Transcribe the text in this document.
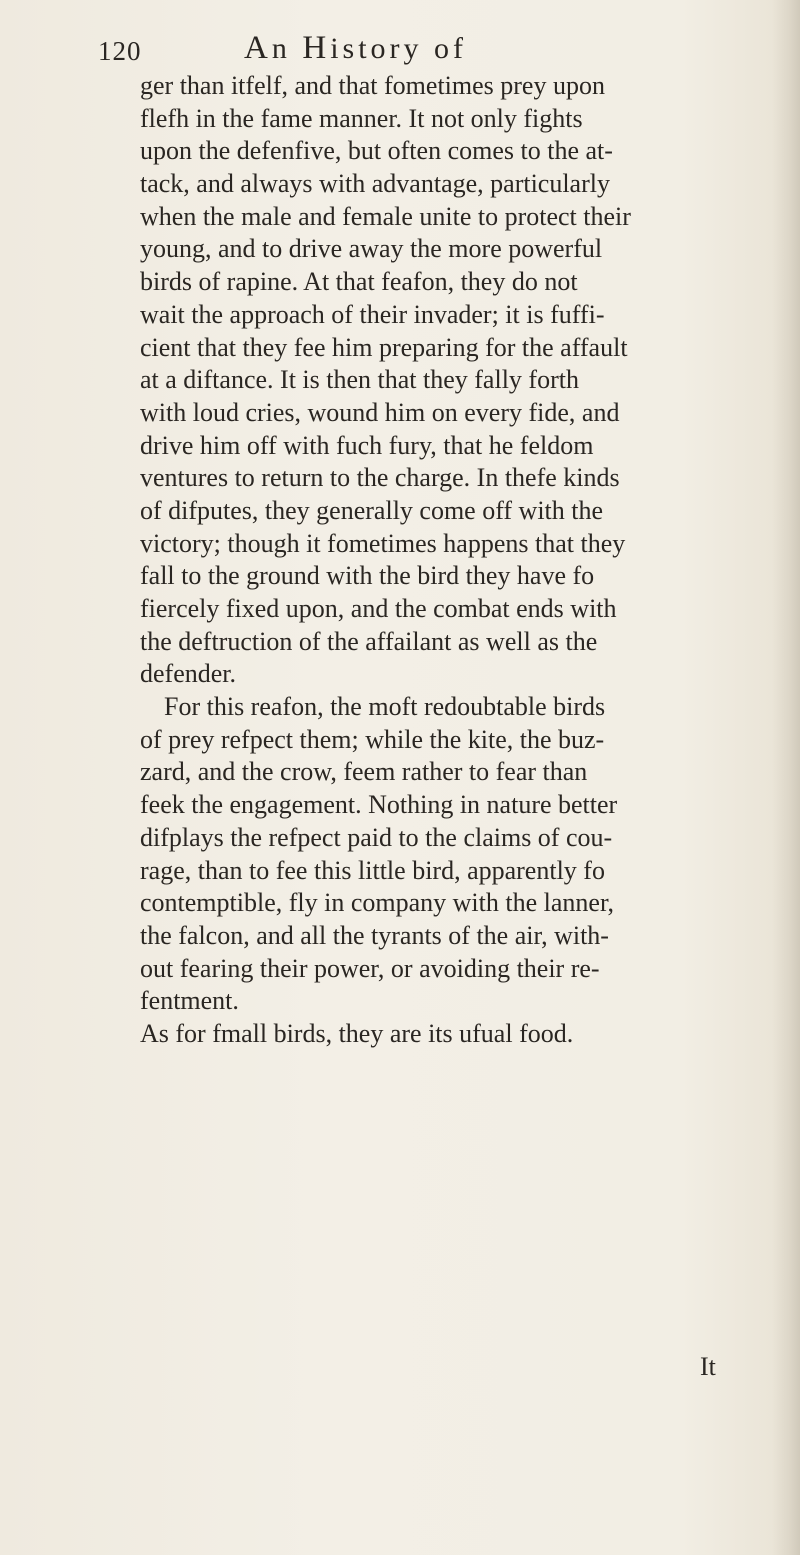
120	An History of
ger than itfelf, and that fometimes prey upon
flefh in the fame manner. It not only fights
upon the defenfive, but often comes to the at-
tack, and always with advantage, particularly
when the male and female unite to protect their
young, and to drive away the more powerful
birds of rapine. At that feafon, they do not
wait the approach of their invader; it is fuffi-
cient that they fee him preparing for the affault
at a diftance. It is then that they fally forth
with loud cries, wound him on every fide, and
drive him off with fuch fury, that he feldom
ventures to return to the charge. In thefe kinds
of difputes, they generally come off with the
victory; though it fometimes happens that they
fall to the ground with the bird they have fo
fiercely fixed upon, and the combat ends with
the deftruction of the affailant as well as the
defender.
For this reafon, the moft redoubtable birds
of prey refpect them; while the kite, the buz-
zard, and the crow, feem rather to fear than
feek the engagement. Nothing in nature better
difplays the refpect paid to the claims of cou-
rage, than to fee this little bird, apparently fo
contemptible, fly in company with the lanner,
the falcon, and all the tyrants of the air, with-
out fearing their power, or avoiding their re-
fentment.
As for fmall birds, they are its ufual food.
It
